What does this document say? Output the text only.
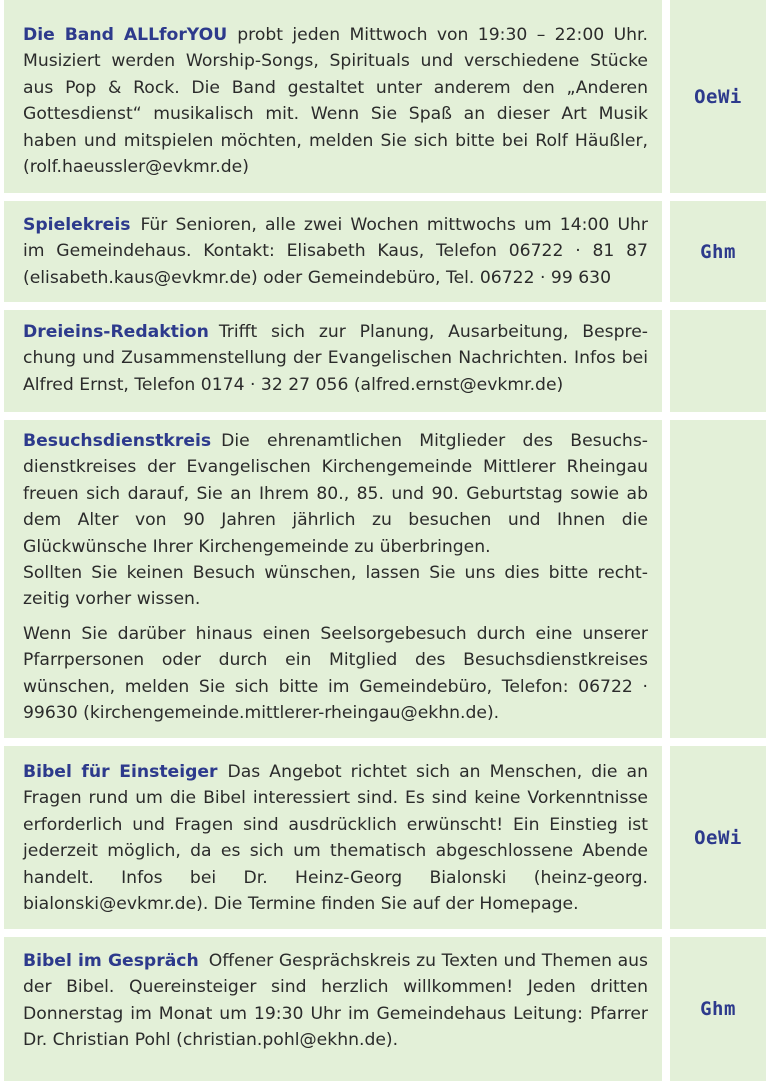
Die Band ALLforYOU probt jeden Mittwoch von 19:30 – 22:00 Uhr. Musiziert werden Worship-Songs, Spirituals und verschiedene Stücke aus Pop & Rock. Die Band gestaltet unter anderem den „Anderen Gottesdienst“ musikalisch mit. Wenn Sie Spaß an dieser Art Musik haben und mitspielen möchten, melden Sie sich bitte bei Rolf Häußler, (rolf.haeussler@evkmr.de)

OeWi

Spielekreis Für Senioren, alle zwei Wochen mittwochs um 14:00 Uhr im Gemeindehaus. Kontakt: Elisabeth Kaus, Telefon 06722 · 81 87 (elisabeth.kaus@evkmr.de) oder Gemeindebüro, Tel. 06722 · 99 630

Ghm

Dreieins-Redaktion Trifft sich zur Planung, Ausarbeitung, Besprechung und Zusammenstellung der Evangelischen Nachrichten. Infos bei Alfred Ernst, Telefon 0174 · 32 27 056 (alfred.ernst@evkmr.de)

Besuchsdienstkreis Die ehrenamtlichen Mitglieder des Besuchsdienstkreises der Evangelischen Kirchengemeinde Mittlerer Rheingau freuen sich darauf, Sie an Ihrem 80., 85. und 90. Geburtstag sowie ab dem Alter von 90 Jahren jährlich zu besuchen und Ihnen die Glückwünsche Ihrer Kirchengemeinde zu überbringen.

Sollten Sie keinen Besuch wünschen, lassen Sie uns dies bitte rechtzeitig vorher wissen.

Wenn Sie darüber hinaus einen Seelsorgebesuch durch eine unserer Pfarrpersonen oder durch ein Mitglied des Besuchsdienstkreises wünschen, melden Sie sich bitte im Gemeindebüro, Telefon: 06722 · 99630 (kirchengemeinde.mittlerer-rheingau@ekhn.de).

Bibel für Einsteiger Das Angebot richtet sich an Menschen, die an Fragen rund um die Bibel interessiert sind. Es sind keine Vorkenntnisse erforderlich und Fragen sind ausdrücklich erwünscht! Ein Einstieg ist jederzeit möglich, da es sich um thematisch abgeschlossene Abende handelt. Infos bei Dr. Heinz-Georg Bialonski (heinz-georg. bialonski@evkmr.de). Die Termine finden Sie auf der Homepage.

OeWi

Bibel im Gespräch Offener Gesprächskreis zu Texten und Themen aus der Bibel. Quereinsteiger sind herzlich willkommen! Jeden dritten Donnerstag im Monat um 19:30 Uhr im Gemeindehaus Leitung: Pfarrer Dr. Christian Pohl (christian.pohl@ekhn.de).

Ghm
